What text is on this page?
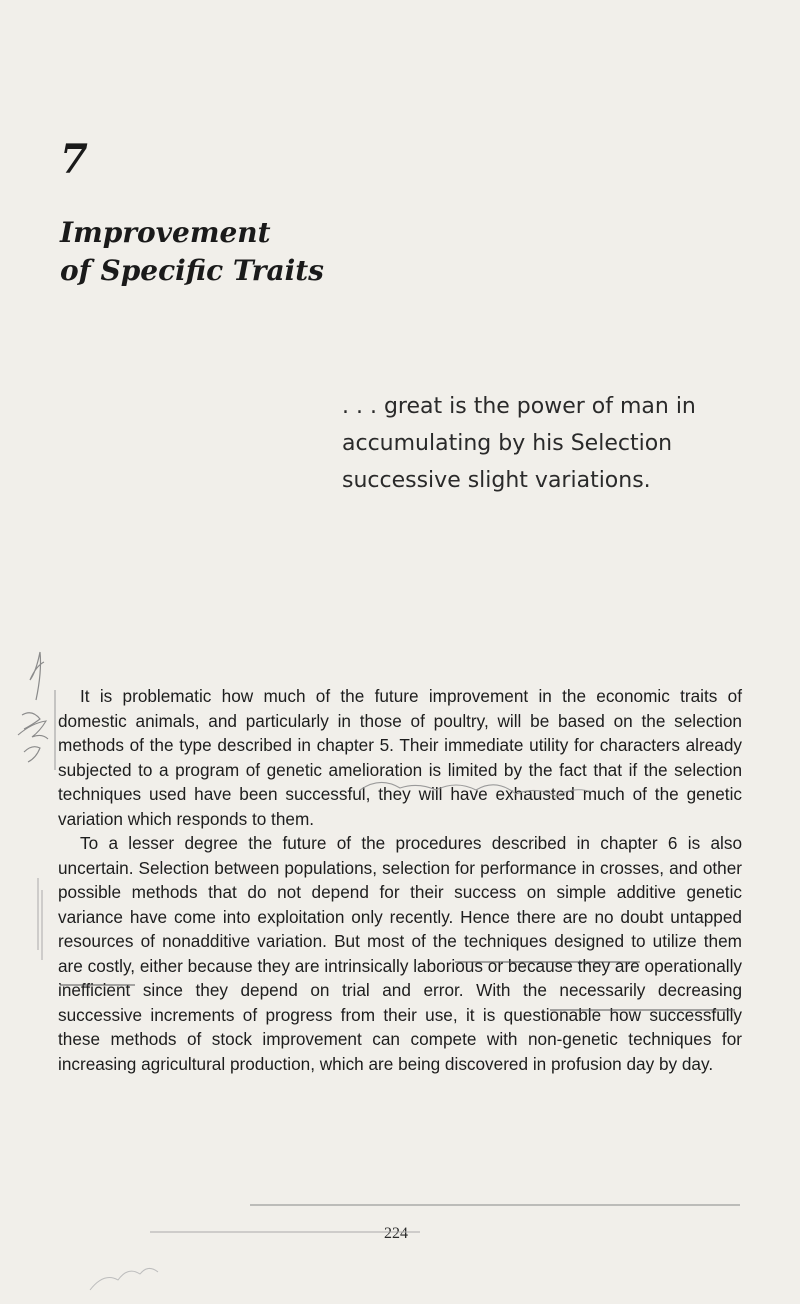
7
Improvement
of Specific Traits

. . . great is the power of man in accumulating by his Selection successive slight variations.

It is problematic how much of the future improvement in the economic traits of domestic animals, and particularly in those of poultry, will be based on the selection methods of the type described in chapter 5. Their immediate utility for characters already subjected to a program of genetic amelioration is limited by the fact that if the selection techniques used have been successful, they will have exhausted much of the genetic variation which responds to them.

To a lesser degree the future of the procedures described in chapter 6 is also uncertain. Selection between populations, selection for performance in crosses, and other possible methods that do not depend for their success on simple additive genetic variance have come into exploitation only recently. Hence there are no doubt untapped resources of nonadditive variation. But most of the techniques designed to utilize them are costly, either because they are intrinsically laborious or because they are operationally inefficient since they depend on trial and error. With the necessarily decreasing successive increments of progress from their use, it is questionable how successfully these methods of stock improvement can compete with non-genetic techniques for increasing agricultural production, which are being discovered in profusion day by day.

224
